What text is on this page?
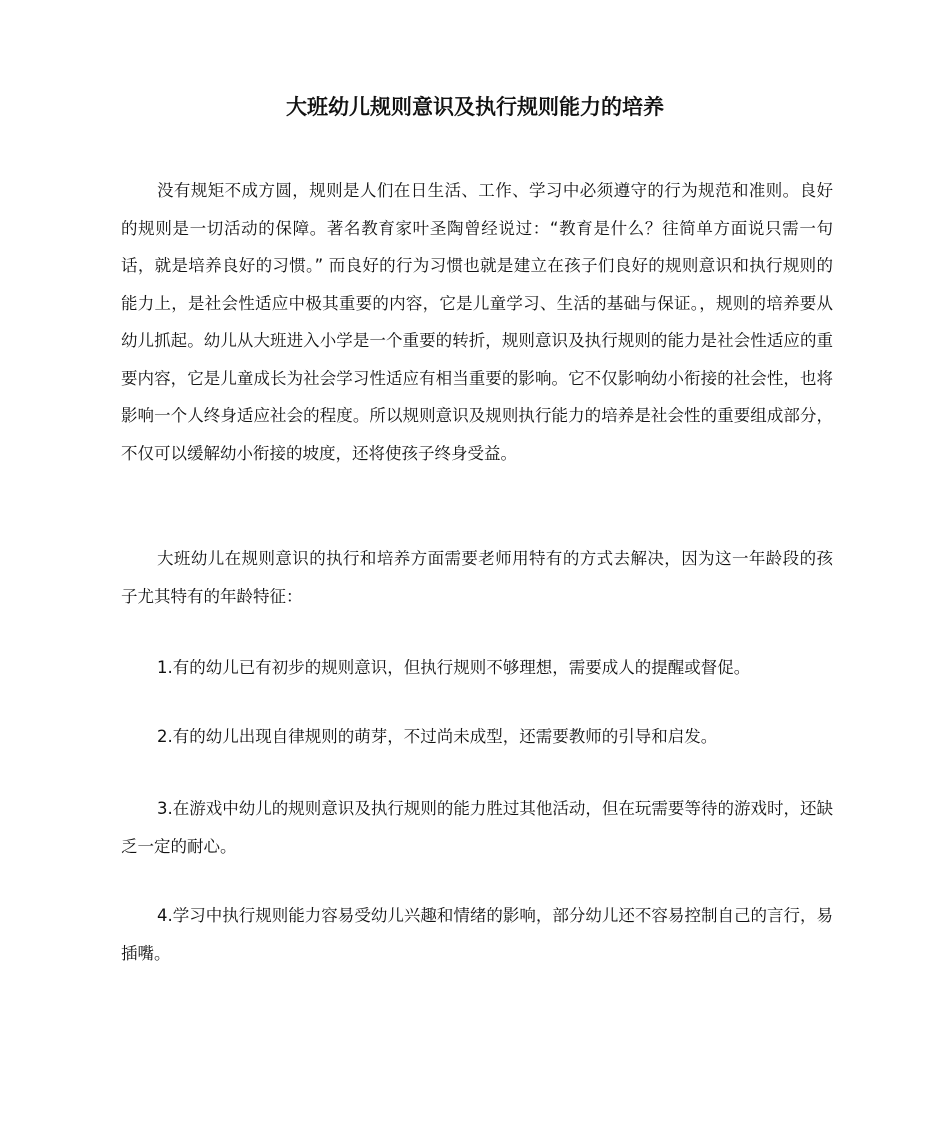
大班幼儿规则意识及执行规则能力的培养

没有规矩不成方圆，规则是人们在日生活、工作、学习中必须遵守的行为规范和准则。良好的规则是一切活动的保障。著名教育家叶圣陶曾经说过：“教育是什么？往简单方面说只需一句话，就是培养良好的习惯。” 而良好的行为习惯也就是建立在孩子们良好的规则意识和执行规则的能力上，是社会性适应中极其重要的内容，它是儿童学习、生活的基础与保证。，规则的培养要从幼儿抓起。幼儿从大班进入小学是一个重要的转折，规则意识及执行规则的能力是社会性适应的重要内容，它是儿童成长为社会学习性适应有相当重要的影响。它不仅影响幼小衔接的社会性，也将影响一个人终身适应社会的程度。所以规则意识及规则执行能力的培养是社会性的重要组成部分，不仅可以缓解幼小衔接的坡度，还将使孩子终身受益。

大班幼儿在规则意识的执行和培养方面需要老师用特有的方式去解决，因为这一年龄段的孩子尤其特有的年龄特征：

1.有的幼儿已有初步的规则意识，但执行规则不够理想，需要成人的提醒或督促。

2.有的幼儿出现自律规则的萌芽，不过尚未成型，还需要教师的引导和启发。

3.在游戏中幼儿的规则意识及执行规则的能力胜过其他活动，但在玩需要等待的游戏时，还缺乏一定的耐心。

4.学习中执行规则能力容易受幼儿兴趣和情绪的影响，部分幼儿还不容易控制自己的言行，易插嘴。
